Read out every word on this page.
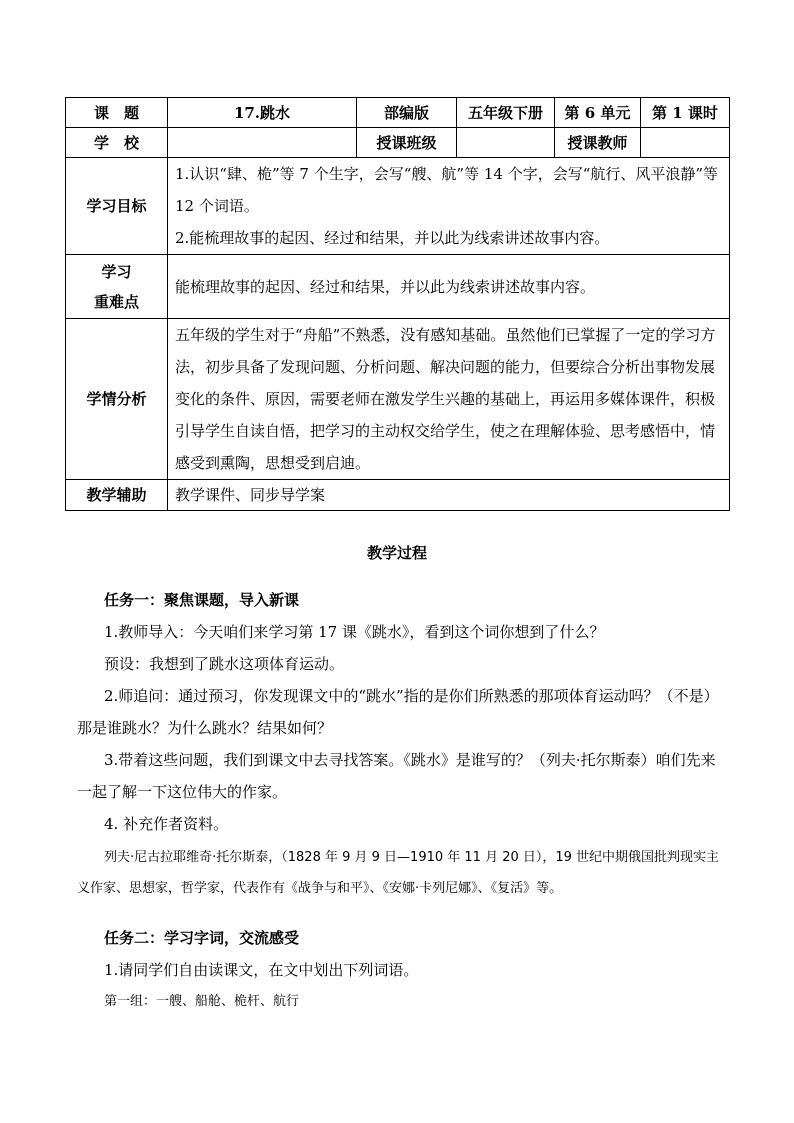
课　题	17.跳水	部编版	五年级下册	第 6 单元	第 1 课时
学　校		授课班级		授课教师	
学习目标	1.认识“肆、桅”等 7 个生字，会写“艘、航”等 14 个字，会写“航行、风平浪静”等 12 个词语。

2.能梳理故事的起因、经过和结果，并以此为线索讲述故事内容。				

学习
重难点	能梳理故事的起因、经过和结果，并以此为线索讲述故事内容。				
学情分析	五年级的学生对于“舟船”不熟悉，没有感知基础。虽然他们已掌握了一定的学习方法，初步具备了发现问题、分析问题、解决问题的能力，但要综合分析出事物发展变化的条件、原因，需要老师在激发学生兴趣的基础上，再运用多媒体课件，积极引导学生自读自悟，把学习的主动权交给学生，使之在理解体验、思考感悟中，情感受到熏陶，思想受到启迪。				

教学辅助	教学课件、同步导学案				
教学过程

任务一：聚焦课题，导入新课

1.教师导入：今天咱们来学习第 17 课《跳水》，看到这个词你想到了什么？

预设：我想到了跳水这项体育运动。

2.师追问：通过预习，你发现课文中的“跳水”指的是你们所熟悉的那项体育运动吗？（不是）那是谁跳水？为什么跳水？结果如何？

3.带着这些问题，我们到课文中去寻找答案。《跳水》是谁写的？（列夫·托尔斯泰）咱们先来一起了解一下这位伟大的作家。

4. 补充作者资料。

列夫·尼古拉耶维奇·托尔斯泰，（1828 年 9 月 9 日—1910 年 11 月 20 日），19 世纪中期俄国批判现实主义作家、思想家，哲学家，代表作有《战争与和平》、《安娜·卡列尼娜》、《复活》等。

任务二：学习字词，交流感受

1.请同学们自由读课文，在文中划出下列词语。

第一组：一艘、船舱、桅杆、航行
